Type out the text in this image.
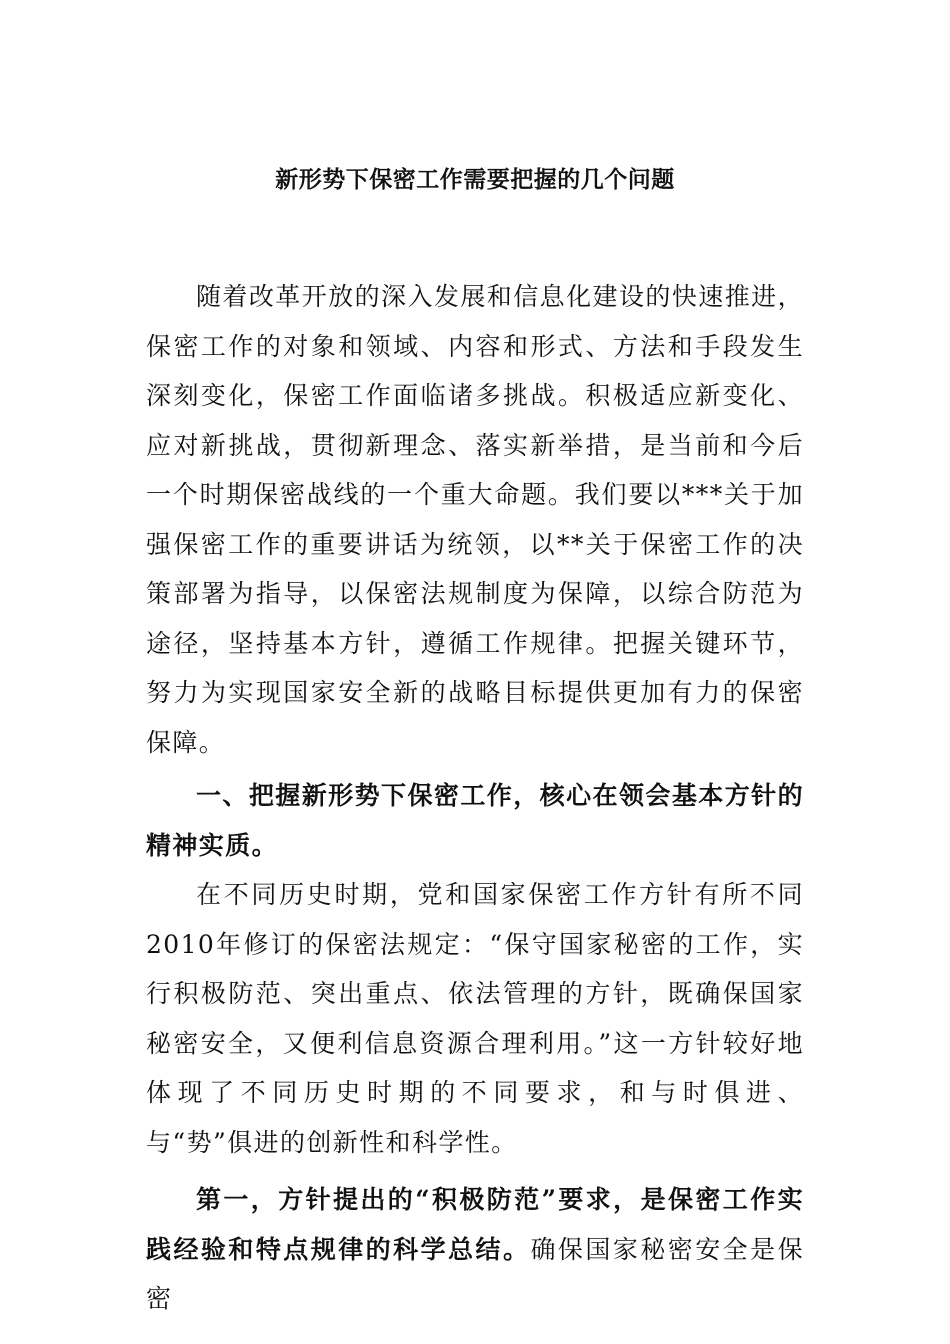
新形势下保密工作需要把握的几个问题

随着改革开放的深入发展和信息化建设的快速推进，保密工作的对象和领域、内容和形式、方法和手段发生深刻变化，保密工作面临诸多挑战。积极适应新变化、应对新挑战，贯彻新理念、落实新举措，是当前和今后一个时期保密战线的一个重大命题。我们要以***关于加强保密工作的重要讲话为统领，以**关于保密工作的决策部署为指导，以保密法规制度为保障，以综合防范为途径，坚持基本方针，遵循工作规律。把握关键环节，努力为实现国家安全新的战略目标提供更加有力的保密保障。

一、把握新形势下保密工作，核心在领会基本方针的精神实质。

在不同历史时期，党和国家保密工作方针有所不同 2010年修订的保密法规定：“保守国家秘密的工作，实行积极防范、突出重点、依法管理的方针，既确保国家秘密安全，又便利信息资源合理利用。”这一方针较好地体现了不同历史时期的不同要求，和与时俱进、与“势”俱进的创新性和科学性。

第一，方针提出的“积极防范”要求，是保密工作实践经验和特点规律的科学总结。确保国家秘密安全是保密
